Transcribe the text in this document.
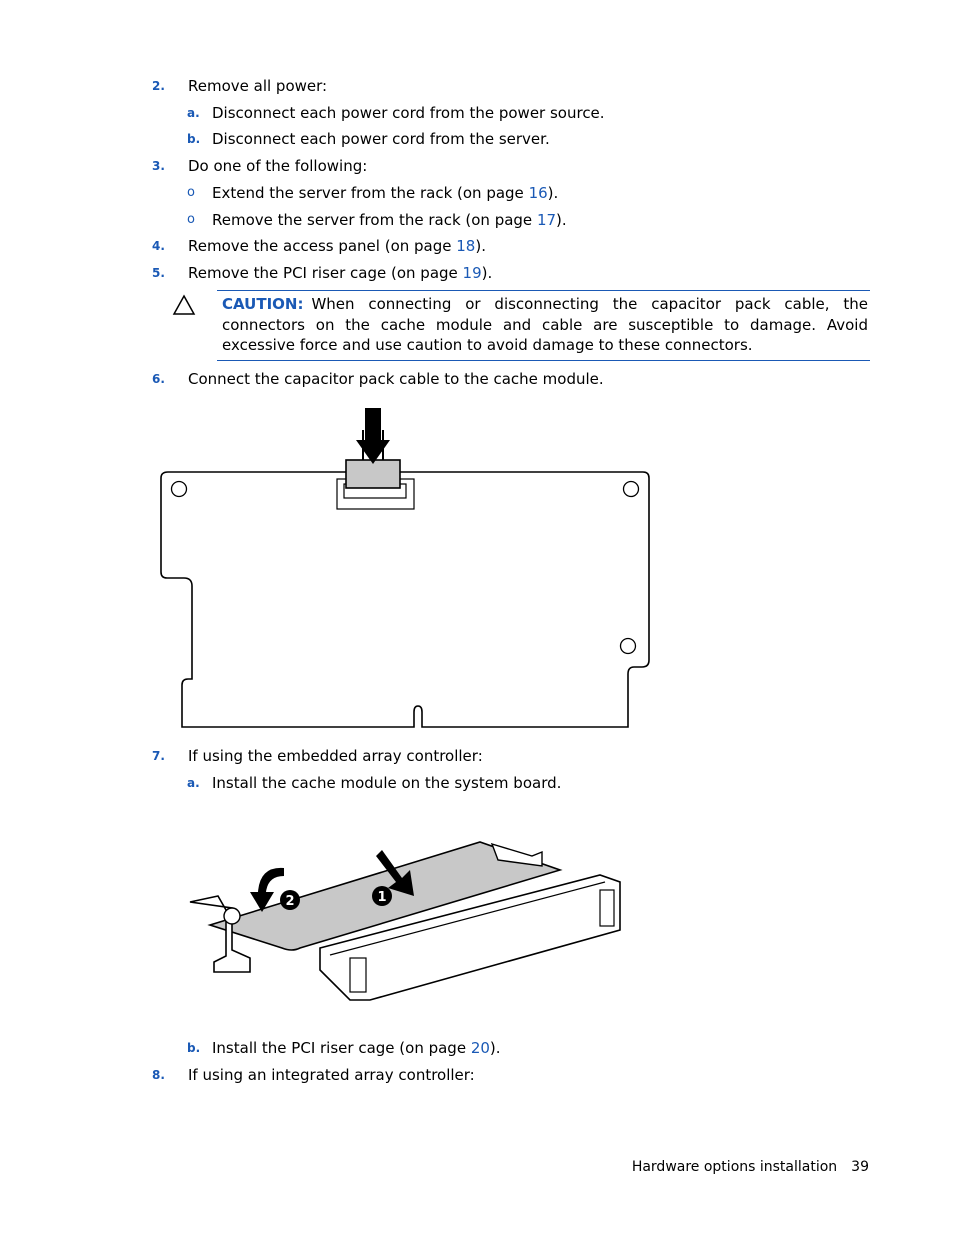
2. Remove all power:
a. Disconnect each power cord from the power source.
b. Disconnect each power cord from the server.
3. Do one of the following:
o Extend the server from the rack (on page 16).
o Remove the server from the rack (on page 17).
4. Remove the access panel (on page 18).
5. Remove the PCI riser cage (on page 19).
CAUTION: When connecting or disconnecting the capacitor pack cable, the connectors on the cache module and cable are susceptible to damage. Avoid excessive force and use caution to avoid damage to these connectors.
6. Connect the capacitor pack cable to the cache module.
7. If using the embedded array controller:
a. Install the cache module on the system board.
1
2
b. Install the PCI riser cage (on page 20).
8. If using an integrated array controller:
Hardware options installation 39
